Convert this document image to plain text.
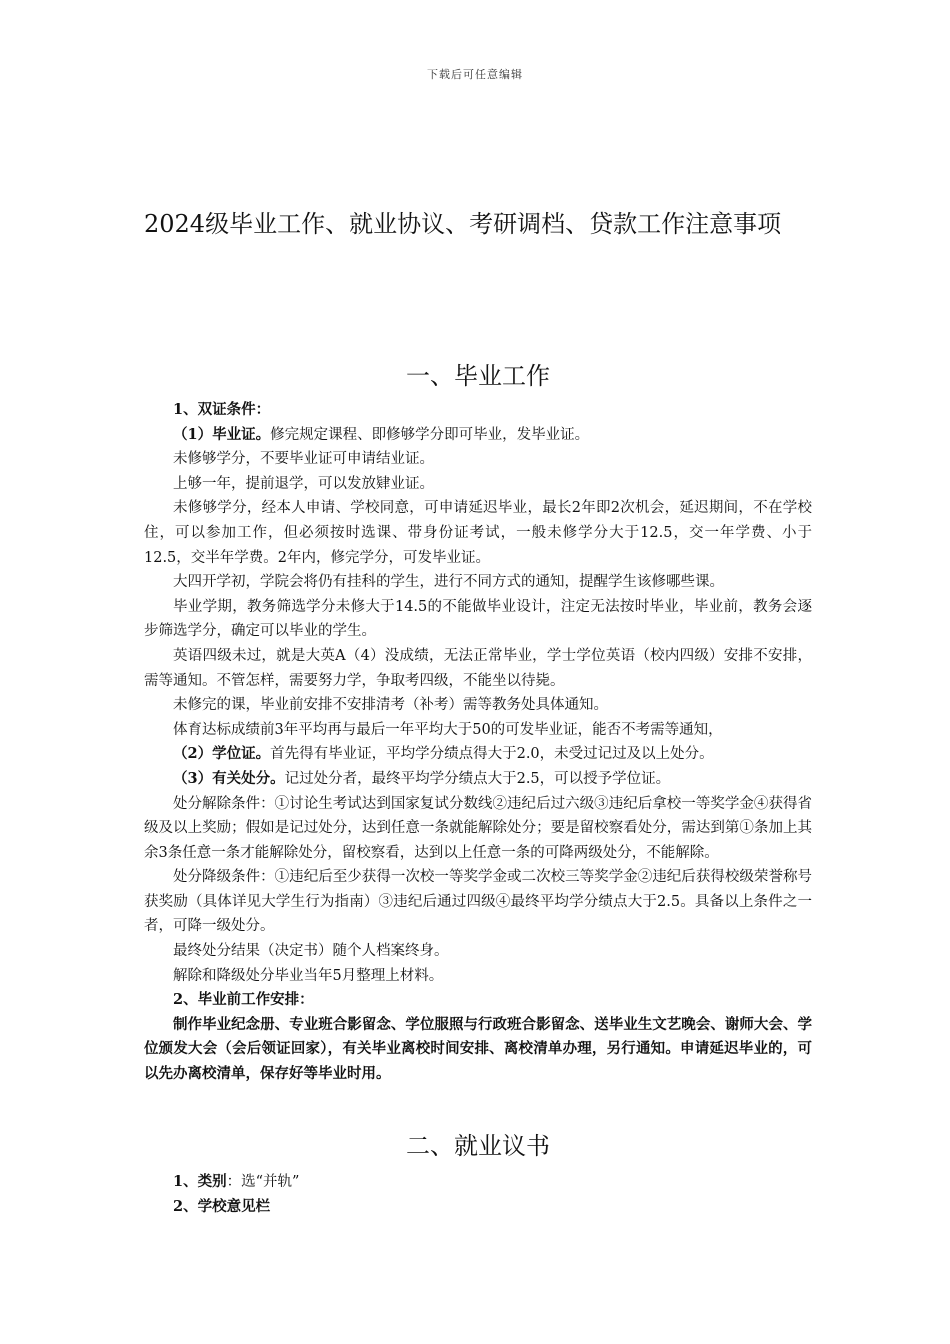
下载后可任意编辑
2024级毕业工作、就业协议、考研调档、贷款工作注意事项
一、毕业工作

1、双证条件：

（1）毕业证。修完规定课程、即修够学分即可毕业，发毕业证。

未修够学分，不要毕业证可申请结业证。

上够一年，提前退学，可以发放肄业证。

未修够学分，经本人申请、学校同意，可申请延迟毕业，最长2年即2次机会，延迟期间，不在学校住，可以参加工作，但必须按时选课、带身份证考试，一般未修学分大于12.5，交一年学费、小于12.5，交半年学费。2年内，修完学分，可发毕业证。

大四开学初，学院会将仍有挂科的学生，进行不同方式的通知，提醒学生该修哪些课。

毕业学期，教务筛选学分未修大于14.5的不能做毕业设计，注定无法按时毕业，毕业前，教务会逐步筛选学分，确定可以毕业的学生。

英语四级未过，就是大英A（4）没成绩，无法正常毕业，学士学位英语（校内四级）安排不安排，需等通知。不管怎样，需要努力学，争取考四级，不能坐以待毙。

未修完的课，毕业前安排不安排清考（补考）需等教务处具体通知。

体育达标成绩前3年平均再与最后一年平均大于50的可发毕业证，能否不考需等通知，

（2）学位证。首先得有毕业证，平均学分绩点得大于2.0，未受过记过及以上处分。

（3）有关处分。记过处分者，最终平均学分绩点大于2.5，可以授予学位证。

处分解除条件：①讨论生考试达到国家复试分数线②违纪后过六级③违纪后拿校一等奖学金④获得省级及以上奖励；假如是记过处分，达到任意一条就能解除处分；要是留校察看处分，需达到第①条加上其余3条任意一条才能解除处分，留校察看，达到以上任意一条的可降两级处分，不能解除。

处分降级条件：①违纪后至少获得一次校一等奖学金或二次校三等奖学金②违纪后获得校级荣誉称号获奖励（具体详见大学生行为指南）③违纪后通过四级④最终平均学分绩点大于2.5。具备以上条件之一者，可降一级处分。

最终处分结果（决定书）随个人档案终身。

解除和降级处分毕业当年5月整理上材料。

2、毕业前工作安排：

制作毕业纪念册、专业班合影留念、学位服照与行政班合影留念、送毕业生文艺晚会、谢师大会、学位颁发大会（会后领证回家），有关毕业离校时间安排、离校清单办理，另行通知。申请延迟毕业的，可以先办离校清单，保存好等毕业时用。

二、就业议书

1、类别：选“并轨”

2、学校意见栏
